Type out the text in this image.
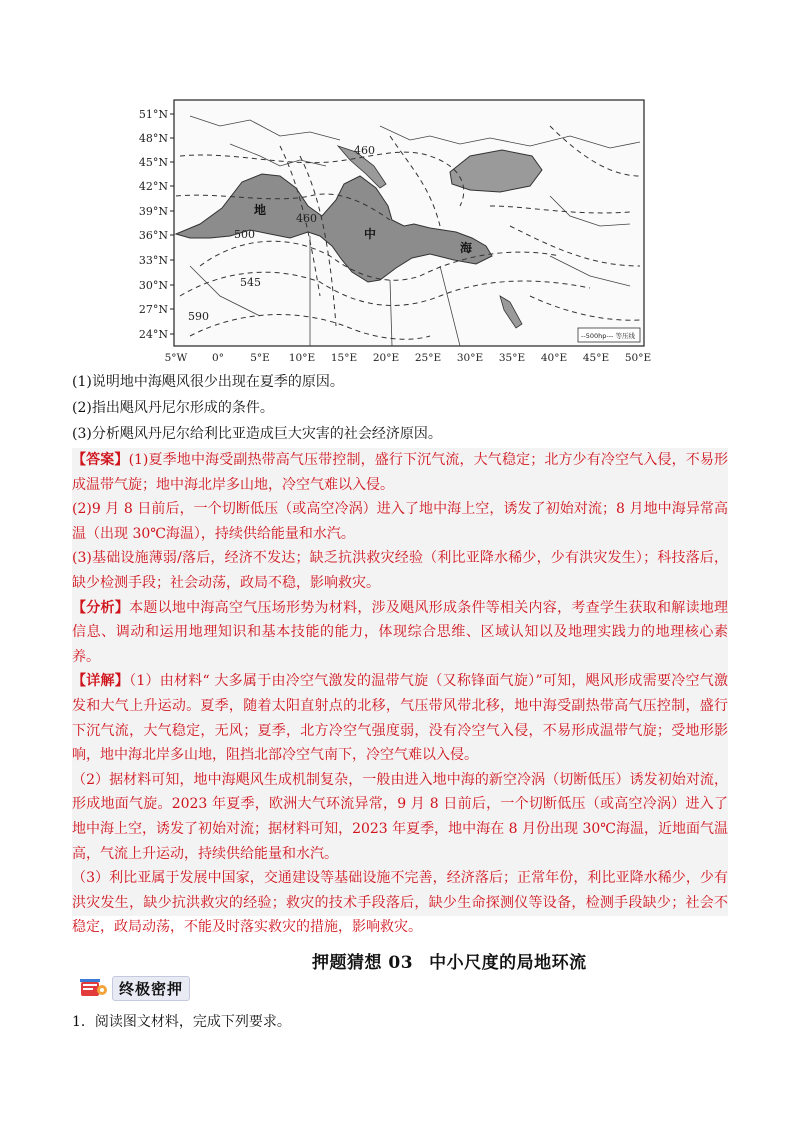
51°N
48°N
45°N
42°N
39°N
36°N
33°N
30°N
27°N
24°N
5°W 0° 5°E 10°E 15°E 20°E 25°E 30°E 35°E 40°E 45°E 50°E
460
460
500
545
590
地
中
海
--500hp--- 等压线
(1)说明地中海飓风很少出现在夏季的原因。
(2)指出飓风丹尼尔形成的条件。
(3)分析飓风丹尼尔给利比亚造成巨大灾害的社会经济原因。

【答案】(1)夏季地中海受副热带高气压带控制，盛行下沉气流，大气稳定；北方少有冷空气入侵，不易形成温带气旋；地中海北岸多山地，冷空气难以入侵。

(2)9 月 8 日前后，一个切断低压（或高空冷涡）进入了地中海上空，诱发了初始对流；8 月地中海异常高温（出现 30℃海温），持续供给能量和水汽。

(3)基础设施薄弱/落后，经济不发达；缺乏抗洪救灾经验（利比亚降水稀少，少有洪灾发生）；科技落后，缺少检测手段；社会动荡，政局不稳，影响救灾。

【分析】本题以地中海高空气压场形势为材料，涉及飓风形成条件等相关内容，考查学生获取和解读地理信息、调动和运用地理知识和基本技能的能力，体现综合思维、区域认知以及地理实践力的地理核心素养。

【详解】（1）由材料“ 大多属于由冷空气激发的温带气旋（又称锋面气旋）”可知，飓风形成需要冷空气激发和大气上升运动。夏季，随着太阳直射点的北移，气压带风带北移，地中海受副热带高气压控制，盛行下沉气流，大气稳定，无风；夏季，北方冷空气强度弱，没有冷空气入侵，不易形成温带气旋；受地形影响，地中海北岸多山地，阻挡北部冷空气南下，冷空气难以入侵。

（2）据材料可知，地中海飓风生成机制复杂，一般由进入地中海的新空冷涡（切断低压）诱发初始对流，形成地面气旋。2023 年夏季，欧洲大气环流异常，9 月 8 日前后，一个切断低压（或高空冷涡）进入了地中海上空，诱发了初始对流；据材料可知，2023 年夏季，地中海在 8 月份出现 30℃海温，近地面气温高，气流上升运动，持续供给能量和水汽。

（3）利比亚属于发展中国家，交通建设等基础设施不完善，经济落后；正常年份，利比亚降水稀少，少有洪灾发生，缺少抗洪救灾的经验；救灾的技术手段落后，缺少生命探测仪等设备，检测手段缺少；社会不稳定，政局动荡，不能及时落实救灾的措施，影响救灾。

押题猜想 03 中小尺度的局地环流
终极密押
1．阅读图文材料，完成下列要求。
